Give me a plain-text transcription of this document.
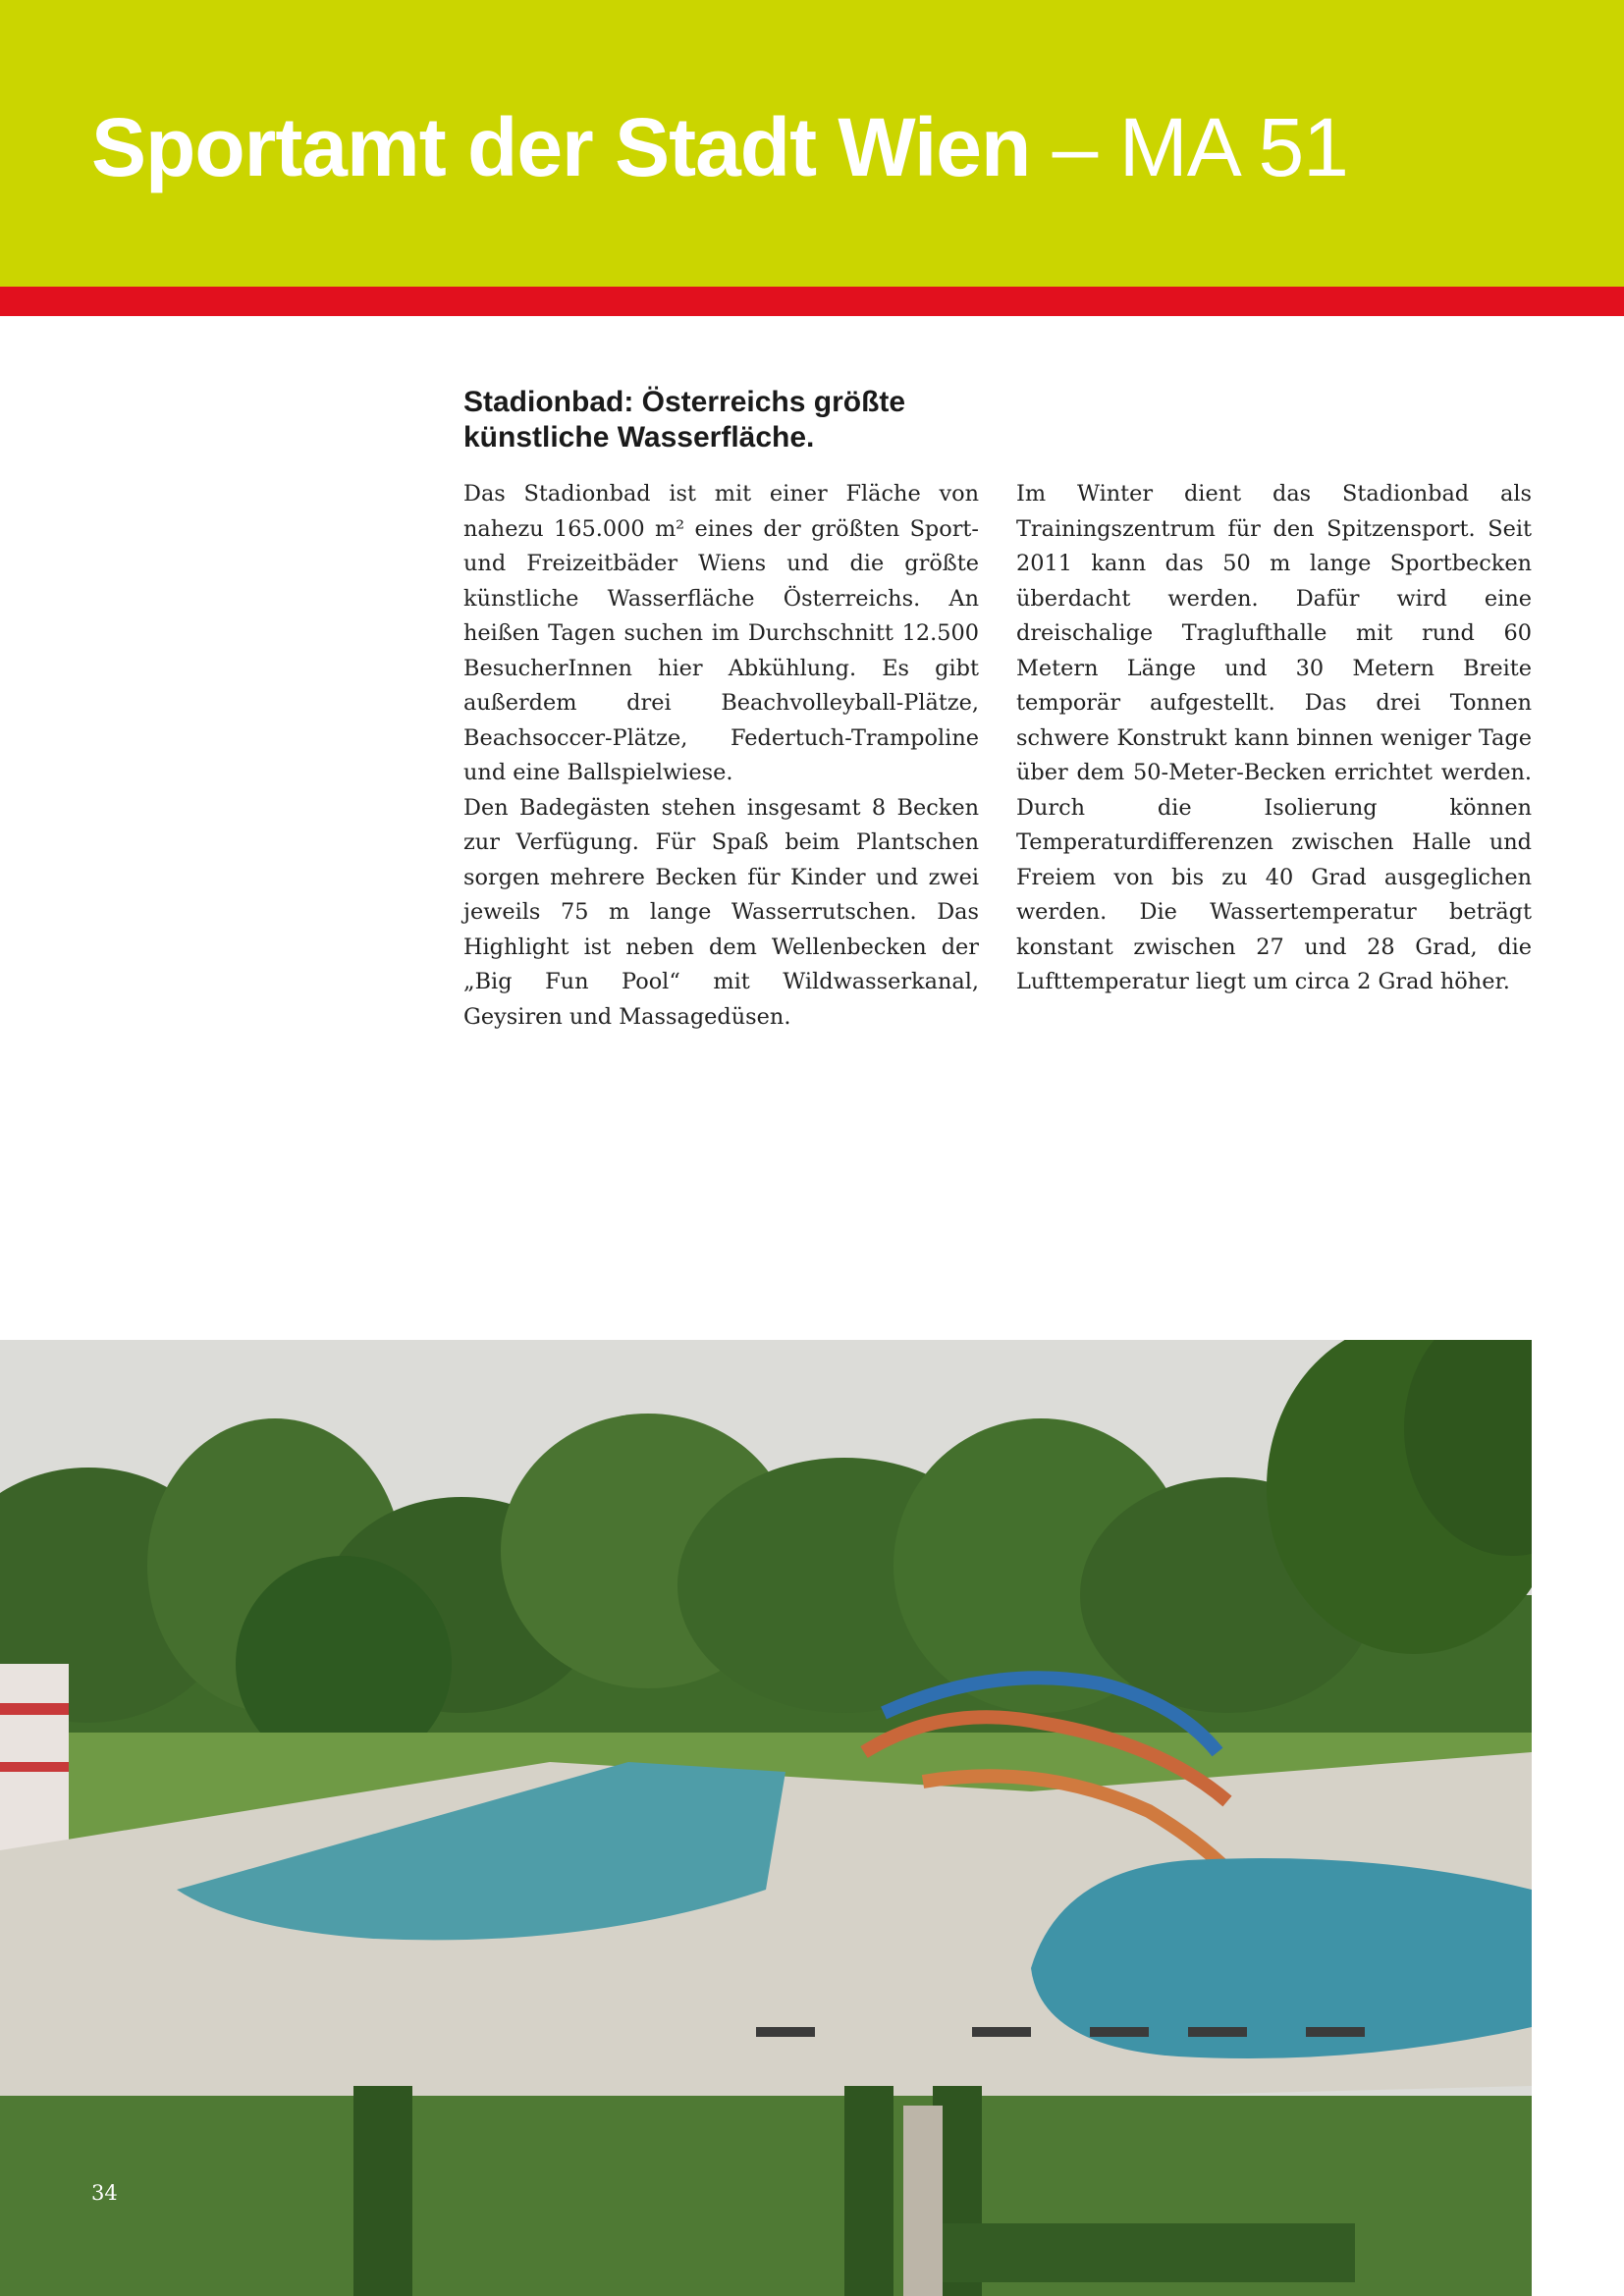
Sportamt der Stadt Wien – MA 51
Stadionbad: Österreichs größte
künstliche Wasserfläche.

Das Stadionbad ist mit einer Fläche von nahezu 165.000 m² eines der größten Sport- und Freizeitbäder Wiens und die größte künstliche Wasserfläche Österreichs. An heißen Tagen suchen im Durchschnitt 12.500 BesucherInnen hier Abkühlung. Es gibt außerdem drei Beachvolleyball-Plätze, Beachsoccer-Plätze, Federtuch-Trampoline und eine Ballspielwiese.

Den Badegästen stehen insgesamt 8 Becken zur Verfügung. Für Spaß beim Plantschen sorgen mehrere Becken für Kinder und zwei jeweils 75 m lange Wasserrutschen. Das Highlight ist neben dem Wellenbecken der „Big Fun Pool“ mit Wildwasserkanal, Geysiren und Massagedüsen.

Im Winter dient das Stadionbad als Trainingszentrum für den Spitzensport. Seit 2011 kann das 50 m lange Sportbecken überdacht werden. Dafür wird eine dreischalige Traglufthalle mit rund 60 Metern Länge und 30 Metern Breite temporär aufgestellt. Das drei Tonnen schwere Konstrukt kann binnen weniger Tage über dem 50-Meter-Becken errichtet werden. Durch die Isolierung können Temperaturdifferenzen zwischen Halle und Freiem von bis zu 40 Grad ausgeglichen werden. Die Wassertemperatur beträgt konstant zwischen 27 und 28 Grad, die Lufttemperatur liegt um circa 2 Grad höher.

34
